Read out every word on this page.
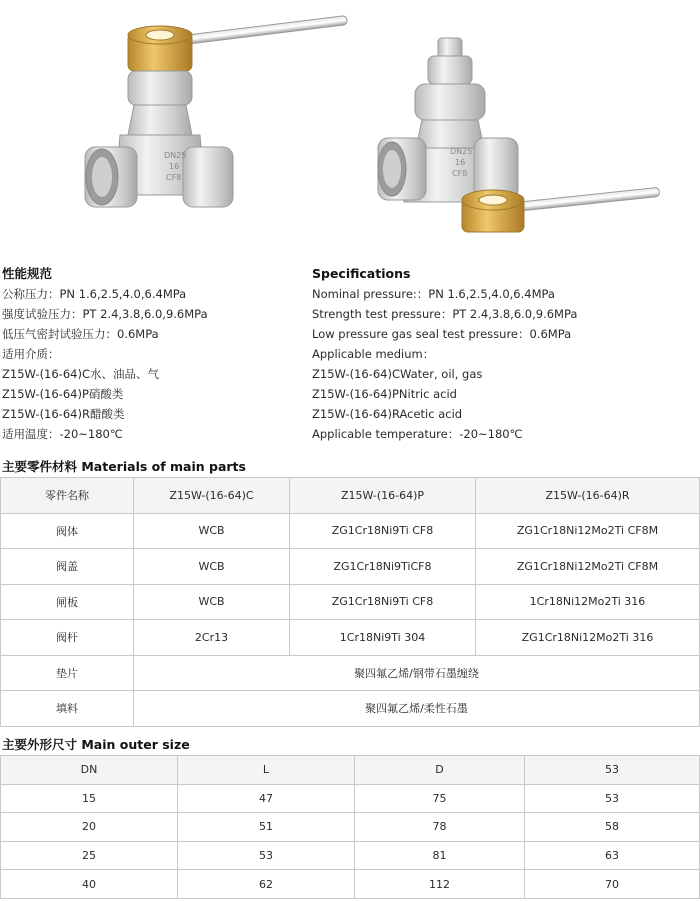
DN25
16
CF8
DN25
16
CF8
性能规范
公称压力：PN 1.6,2.5,4.0,6.4MPa
强度试验压力：PT 2.4,3.8,6.0,9.6MPa
低压气密封试验压力：0.6MPa
适用介质：
Z15W-(16-64)C水、油品、气
Z15W-(16-64)P硝酸类
Z15W-(16-64)R醋酸类
适用温度：-20~180℃
Specifications
Nominal pressure:：PN 1.6,2.5,4.0,6.4MPa
Strength test pressure：PT 2.4,3.8,6.0,9.6MPa
Low pressure gas seal test pressure：0.6MPa
Applicable medium：
Z15W-(16-64)CWater, oil, gas
Z15W-(16-64)PNitric acid
Z15W-(16-64)RAcetic acid
Applicable temperature：-20~180℃
主要零件材料 Materials of main parts
零件名称	Z15W-(16-64)C	Z15W-(16-64)P	Z15W-(16-64)R
阀体	WCB	ZG1Cr18Ni9Ti CF8	ZG1Cr18Ni12Mo2Ti CF8M
阀盖	WCB	ZG1Cr18Ni9TiCF8	ZG1Cr18Ni12Mo2Ti CF8M
闸板	WCB	ZG1Cr18Ni9Ti CF8	1Cr18Ni12Mo2Ti 316
阀杆	2Cr13	1Cr18Ni9Ti 304	ZG1Cr18Ni12Mo2Ti 316
垫片	聚四氟乙烯/钢带石墨缠绕		
填料	聚四氟乙烯/柔性石墨		
主要外形尺寸 Main outer size
DN	L	D	53
15	47	75	53
20	51	78	58
25	53	81	63
40	62	112	70
